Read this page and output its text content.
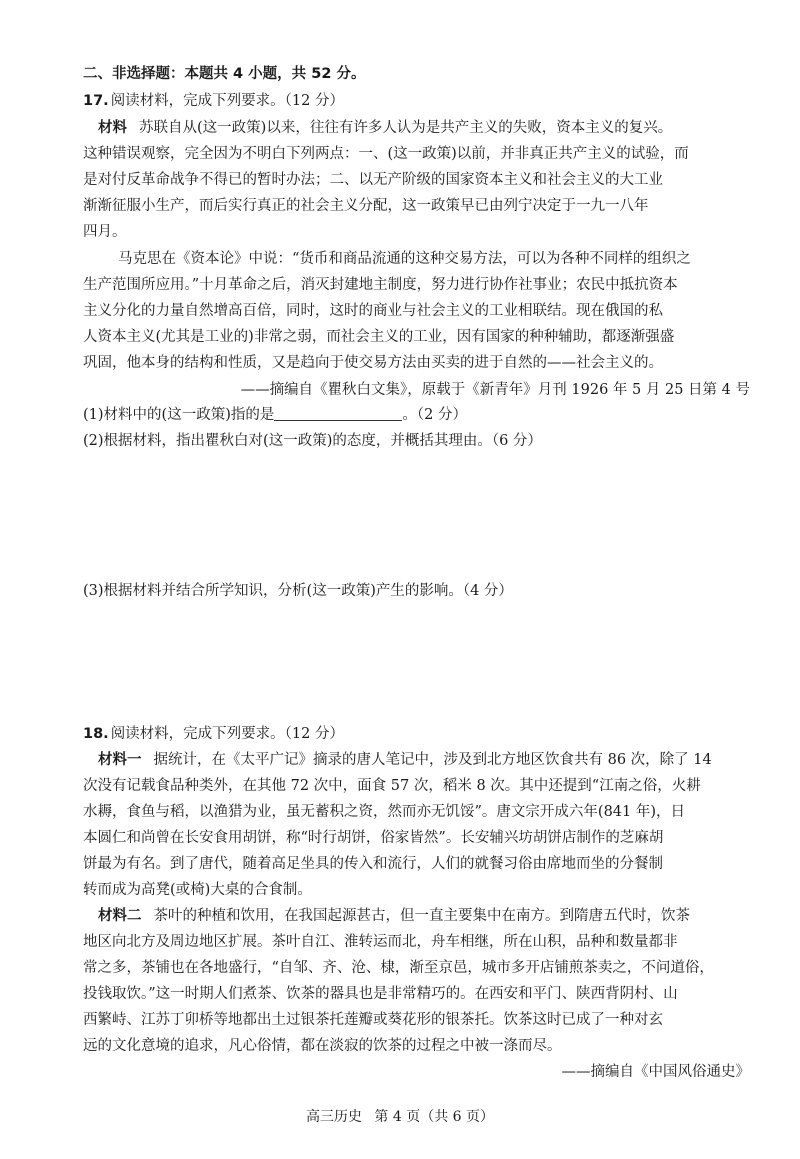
二、非选择题：本题共 4 小题，共 52 分。
17. 阅读材料，完成下列要求。（12 分）
材料 苏联自从(这一政策)以来，往往有许多人认为是共产主义的失败，资本主义的复兴。
这种错误观察，完全因为不明白下列两点：一、(这一政策)以前，并非真正共产主义的试验，而
是对付反革命战争不得已的暂时办法；二、以无产阶级的国家资本主义和社会主义的大工业
渐渐征服小生产，而后实行真正的社会主义分配，这一政策早已由列宁决定于一九一八年
四月。
马克思在《资本论》中说：“货币和商品流通的这种交易方法，可以为各种不同样的组织之
生产范围所应用。”十月革命之后，消灭封建地主制度，努力进行协作社事业；农民中抵抗资本
主义分化的力量自然增高百倍，同时，这时的商业与社会主义的工业相联结。现在俄国的私
人资本主义(尤其是工业的)非常之弱，而社会主义的工业，因有国家的种种辅助，都逐渐强盛
巩固，他本身的结构和性质，又是趋向于使交易方法由买卖的进于自然的——社会主义的。
——摘编自《瞿秋白文集》，原载于《新青年》月刊 1926 年 5 月 25 日第 4 号
(1)材料中的(这一政策)指的是	。（2 分）
(2)根据材料，指出瞿秋白对(这一政策)的态度，并概括其理由。（6 分）
(3)根据材料并结合所学知识，分析(这一政策)产生的影响。（4 分）
18. 阅读材料，完成下列要求。（12 分）
材料一 据统计，在《太平广记》摘录的唐人笔记中，涉及到北方地区饮食共有 86 次，除了 14
次没有记载食品种类外，在其他 72 次中，面食 57 次，稻米 8 次。其中还提到“江南之俗，火耕
水耨，食鱼与稻，以渔猎为业，虽无蓄积之资，然而亦无饥馁”。唐文宗开成六年(841 年)，日
本圆仁和尚曾在长安食用胡饼，称“时行胡饼，俗家皆然”。长安辅兴坊胡饼店制作的芝麻胡
饼最为有名。到了唐代，随着高足坐具的传入和流行，人们的就餐习俗由席地而坐的分餐制
转而成为高凳(或椅)大桌的合食制。
材料二 茶叶的种植和饮用，在我国起源甚古，但一直主要集中在南方。到隋唐五代时，饮茶
地区向北方及周边地区扩展。茶叶自江、淮转运而北，舟车相继，所在山积，品种和数量都非
常之多，茶铺也在各地盛行，“自邹、齐、沧、棣，渐至京邑，城市多开店铺煎茶卖之，不问道俗，
投钱取饮。”这一时期人们煮茶、饮茶的器具也是非常精巧的。在西安和平门、陕西背阴村、山
西繁峙、江苏丁卯桥等地都出土过银茶托莲瓣或葵花形的银茶托。饮茶这时已成了一种对玄
远的文化意境的追求，凡心俗情，都在淡寂的饮茶的过程之中被一涤而尽。
——摘编自《中国风俗通史》
高三历史 第 4 页（共 6 页）
